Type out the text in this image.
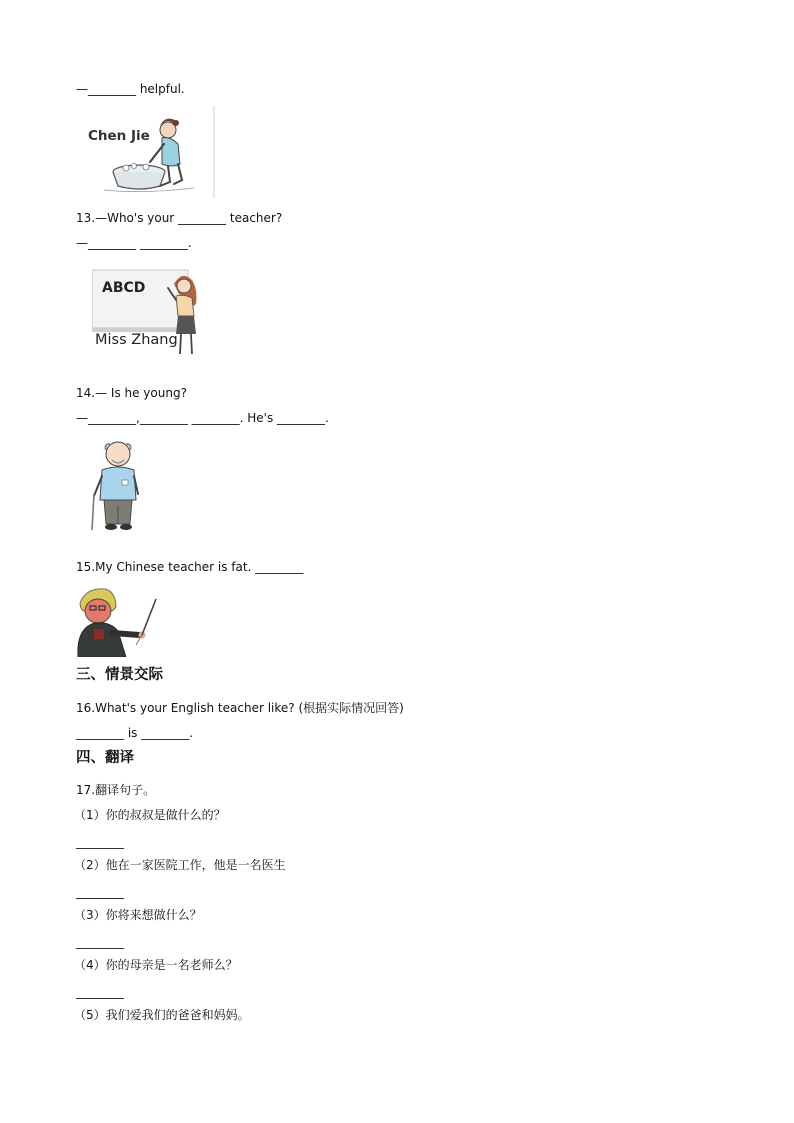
—________ helpful.
Chen Jie
13.—Who's your ________ teacher?
—________ ________.
ABCD
Miss Zhang
14.— Is he young?
—________,________ ________. He's ________.
15.My Chinese teacher is fat. ________
三、情景交际
16.What's your English teacher like? (根据实际情况回答)
________ is ________.
四、翻译
17.翻译句子。
（1）你的叔叔是做什么的？
________
（2）他在一家医院工作，他是一名医生
________
（3）你将来想做什么？
________
（4）你的母亲是一名老师么？
________
（5）我们爱我们的爸爸和妈妈。
